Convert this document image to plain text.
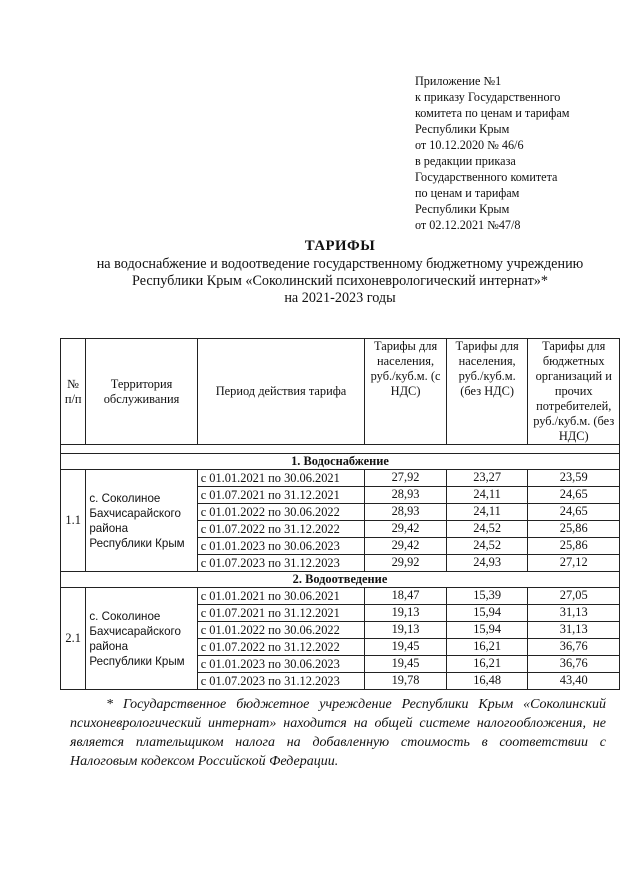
Приложение №1
к приказу Государственного
комитета по ценам и тарифам
Республики Крым
от 10.12.2020 № 46/6
в редакции приказа
Государственного комитета
по ценам и тарифам
Республики Крым
от 02.12.2021 №47/8
ТАРИФЫ
на водоснабжение и водоотведение государственному бюджетному учреждению
Республики Крым «Соколинский психоневрологический интернат»*
на 2021-2023 годы
№ п/п	Территория обслуживания	Период действия тарифа	Тарифы для населения, руб./куб.м. (с НДС)	Тарифы для населения, руб./куб.м. (без НДС)	Тарифы для бюджетных организаций и прочих потребителей, руб./куб.м. (без НДС)

1. Водоснабжение					
1.1	с. Соколиное Бахчисарайского района Республики Крым	с 01.01.2021 по 30.06.2021	27,92	23,27	23,59
		с 01.07.2021 по 31.12.2021	28,93	24,11	24,65
		с 01.01.2022 по 30.06.2022	28,93	24,11	24,65
		с 01.07.2022 по 31.12.2022	29,42	24,52	25,86
		с 01.01.2023 по 30.06.2023	29,42	24,52	25,86
		с 01.07.2023 по 31.12.2023	29,92	24,93	27,12
2. Водоотведение					
2.1	с. Соколиное Бахчисарайского района Республики Крым	с 01.01.2021 по 30.06.2021	18,47	15,39	27,05
		с 01.07.2021 по 31.12.2021	19,13	15,94	31,13
		с 01.01.2022 по 30.06.2022	19,13	15,94	31,13
		с 01.07.2022 по 31.12.2022	19,45	16,21	36,76
		с 01.01.2023 по 30.06.2023	19,45	16,21	36,76
		с 01.07.2023 по 31.12.2023	19,78	16,48	43,40

* Государственное бюджетное учреждение Республики Крым «Соколинский психоневрологический интернат» находится на общей системе налогообложения, не является плательщиком налога на добавленную стоимость в соответствии с Налоговым кодексом Российской Федерации.
